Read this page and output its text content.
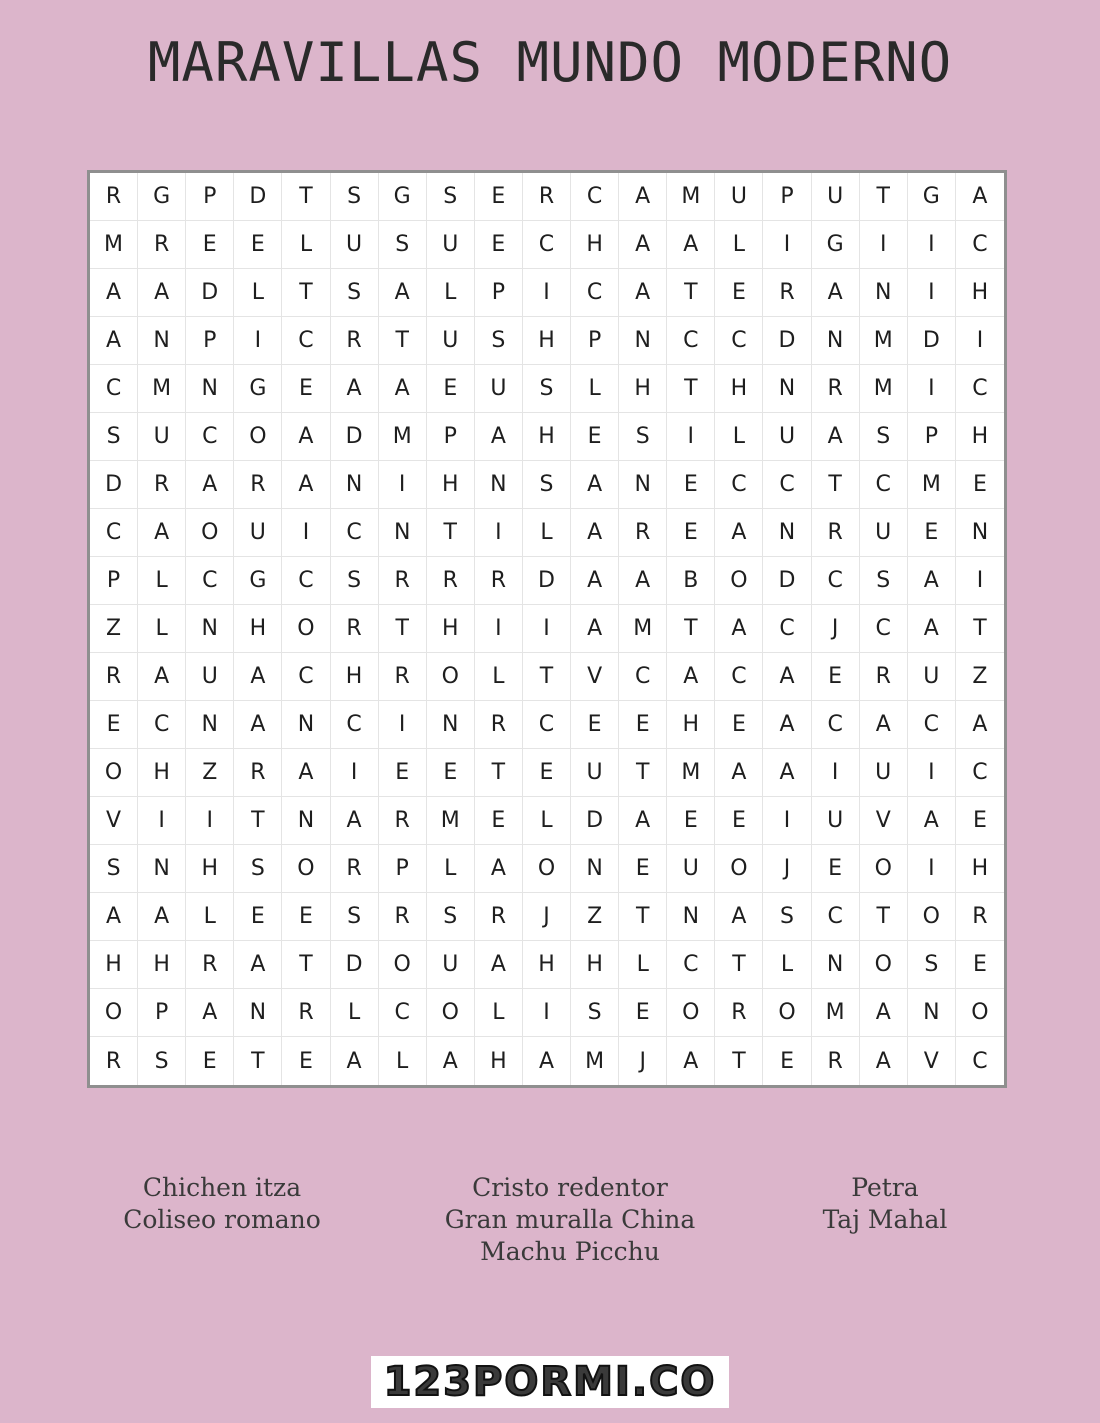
MARAVILLAS MUNDO MODERNO
R	G	P	D	T	S	G	S	E	R	C	A	M	U	P	U	T	G	A
M	R	E	E	L	U	S	U	E	C	H	A	A	L	I	G	I	I	C
A	A	D	L	T	S	A	L	P	I	C	A	T	E	R	A	N	I	H
A	N	P	I	C	R	T	U	S	H	P	N	C	C	D	N	M	D	I
C	M	N	G	E	A	A	E	U	S	L	H	T	H	N	R	M	I	C
S	U	C	O	A	D	M	P	A	H	E	S	I	L	U	A	S	P	H
D	R	A	R	A	N	I	H	N	S	A	N	E	C	C	T	C	M	E
C	A	O	U	I	C	N	T	I	L	A	R	E	A	N	R	U	E	N
P	L	C	G	C	S	R	R	R	D	A	A	B	O	D	C	S	A	I
Z	L	N	H	O	R	T	H	I	I	A	M	T	A	C	J	C	A	T
R	A	U	A	C	H	R	O	L	T	V	C	A	C	A	E	R	U	Z
E	C	N	A	N	C	I	N	R	C	E	E	H	E	A	C	A	C	A
O	H	Z	R	A	I	E	E	T	E	U	T	M	A	A	I	U	I	C
V	I	I	T	N	A	R	M	E	L	D	A	E	E	I	U	V	A	E
S	N	H	S	O	R	P	L	A	O	N	E	U	O	J	E	O	I	H
A	A	L	E	E	S	R	S	R	J	Z	T	N	A	S	C	T	O	R
H	H	R	A	T	D	O	U	A	H	H	L	C	T	L	N	O	S	E
O	P	A	N	R	L	C	O	L	I	S	E	O	R	O	M	A	N	O
R	S	E	T	E	A	L	A	H	A	M	J	A	T	E	R	A	V	C
Chichen itza
Coliseo romano
Cristo redentor
Gran muralla China
Machu Picchu
Petra
Taj Mahal
123PORMI.CO
